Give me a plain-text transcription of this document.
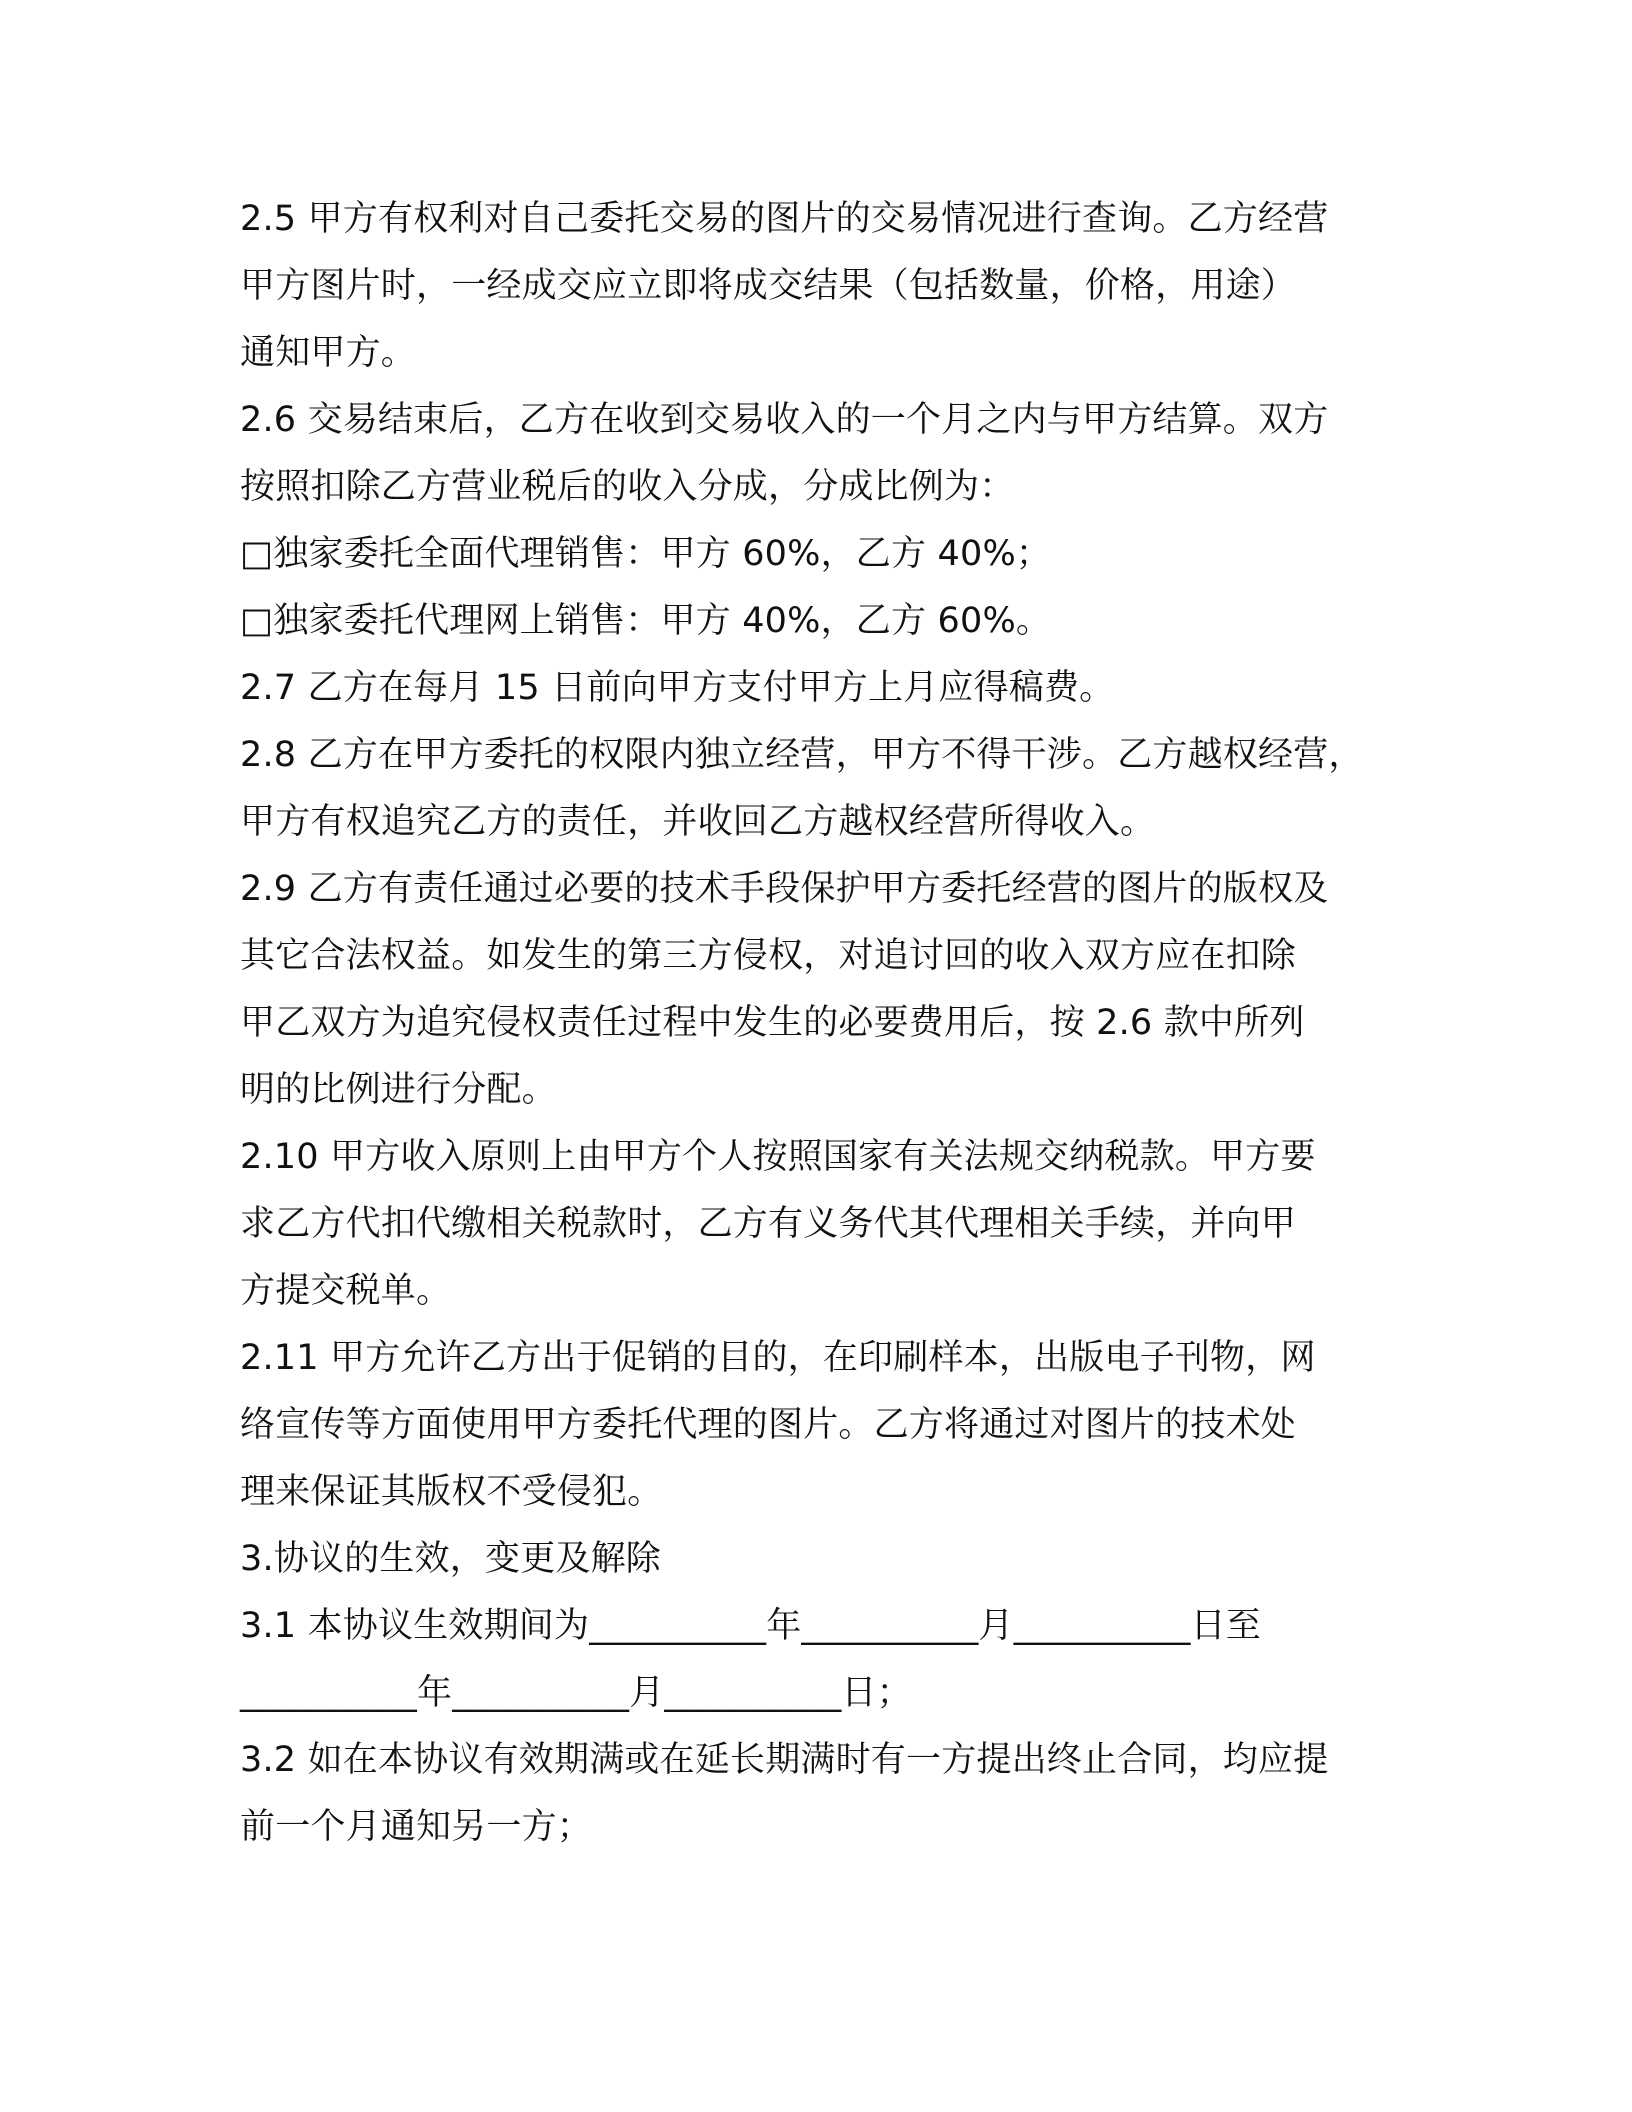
2.5 甲方有权利对自己委托交易的图片的交易情况进行查询。乙方经营
甲方图片时，一经成交应立即将成交结果（包括数量，价格，用途）
通知甲方。
2.6 交易结束后，乙方在收到交易收入的一个月之内与甲方结算。双方
按照扣除乙方营业税后的收入分成，分成比例为：
□独家委托全面代理销售：甲方 60%，乙方 40%；
□独家委托代理网上销售：甲方 40%，乙方 60%。
2.7 乙方在每月 15 日前向甲方支付甲方上月应得稿费。
2.8 乙方在甲方委托的权限内独立经营，甲方不得干涉。乙方越权经营，
甲方有权追究乙方的责任，并收回乙方越权经营所得收入。
2.9 乙方有责任通过必要的技术手段保护甲方委托经营的图片的版权及
其它合法权益。如发生的第三方侵权，对追讨回的收入双方应在扣除
甲乙双方为追究侵权责任过程中发生的必要费用后，按 2.6 款中所列
明的比例进行分配。
2.10 甲方收入原则上由甲方个人按照国家有关法规交纳税款。甲方要
求乙方代扣代缴相关税款时，乙方有义务代其代理相关手续，并向甲
方提交税单。
2.11 甲方允许乙方出于促销的目的，在印刷样本，出版电子刊物，网
络宣传等方面使用甲方委托代理的图片。乙方将通过对图片的技术处
理来保证其版权不受侵犯。
3.协议的生效，变更及解除
3.1 本协议生效期间为__________年__________月__________日至
__________年__________月__________日；
3.2 如在本协议有效期满或在延长期满时有一方提出终止合同，均应提
前一个月通知另一方；
